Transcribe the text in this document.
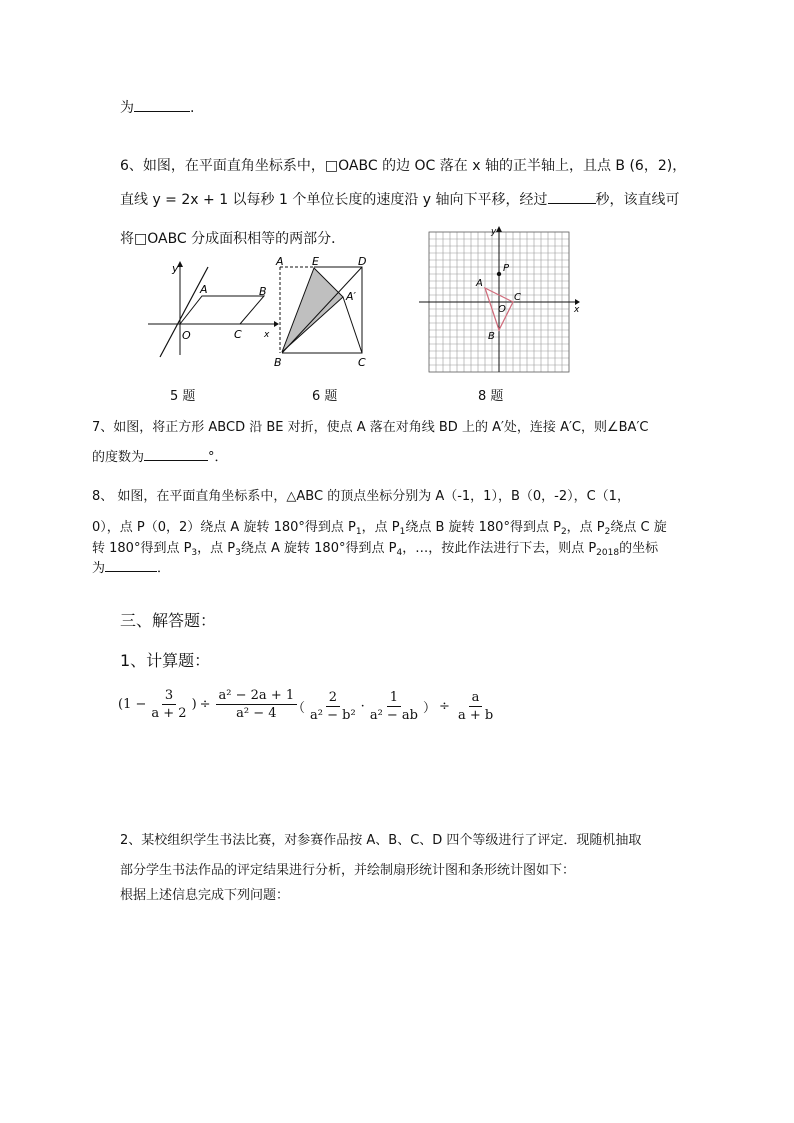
为	.
6、如图，在平面直角坐标系中，□OABC 的边 OC 落在 x 轴的正半轴上，且点 B (6，2)，
直线 y = 2x + 1 以每秒 1 个单位长度的速度沿 y 轴向下平移，经过	秒，该直线可
将□OABC 分成面积相等的两部分．
y
A	B
O	C x
5 题
A	E	D
A′
B	C
6 题
y
P
A
C
O
B
x
8 题
7、如图，将正方形 ABCD 沿 BE 对折，使点 A 落在对角线 BD 上的 A′处，连接 A′C，则∠BA′C
的度数为	°．
8、 如图，在平面直角坐标系中，△ABC 的顶点坐标分别为 A（-1，1），B（0，-2），C（1，
0），点 P（0，2）绕点 A 旋转 180°得到点 $P_1$，点 $P_1$绕点 B 旋转 180°得到点 $P_2$，点 $P_2$绕点 C 旋
转 180°得到点 $P_3$，点 $P_3$绕点 A 旋转 180°得到点 $P_4$，…，按此作法进行下去，则点 $P_{2018}$的坐标
为	．
三、解答题：
1、计算题：
($1 - \frac{3}{a + 2}$ ) ÷ $\frac{\text{a² − 2a + 1}}{\text{a² − 4}}$
（ $\frac{2}{\text{a² − b²}} \cdot \frac{1}{\text{a² − ab}}$ ） ÷ $\frac{a}{a + b}$
2、某校组织学生书法比赛，对参赛作品按 A、B、C、D 四个等级进行了评定．现随机抽取
部分学生书法作品的评定结果进行分析，并绘制扇形统计图和条形统计图如下：
根据上述信息完成下列问题：
